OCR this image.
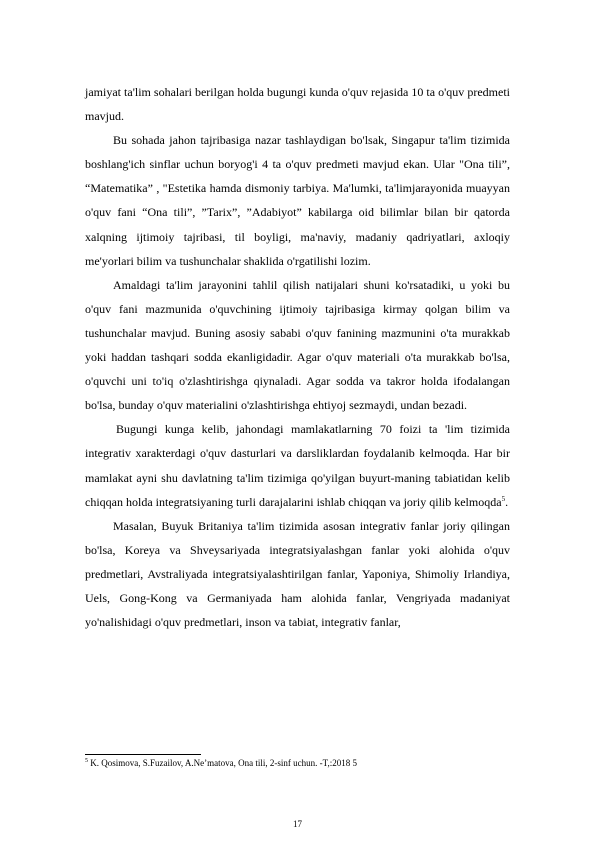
jamiyat ta'lim sohalari berilgan holda bugungi kunda o'quv rejasida 10 ta o'quv predmeti mavjud.

Bu sohada jahon tajribasiga nazar tashlaydigan bo'lsak, Singapur ta'lim tizimida boshlang'ich sinflar uchun boryog'i 4 ta o'quv predmeti mavjud ekan. Ular "Ona tili”, “Matematika” , "Estetika hamda dismoniy tarbiya. Ma'lumki, ta'limjarayonida muayyan o'quv fani “Ona tili”, ”Tarix”, ”Adabiyot” kabilarga oid bilimlar bilan bir qatorda xalqning ijtimoiy tajribasi, til boyligi, ma'naviy, madaniy qadriyatlari, axloqiy me'yorlari bilim va tushunchalar shaklida o'rgatilishi lozim.

Amaldagi ta'lim jarayonini tahlil qilish natijalari shuni ko'rsatadiki, u yoki bu o'quv fani mazmunida o'quvchining ijtimoiy tajribasiga kirmay qolgan bilim va tushunchalar mavjud. Buning asosiy sababi o'quv fanining mazmunini o'ta murakkab yoki haddan tashqari sodda ekanligidadir. Agar o'quv materiali o'ta murakkab bo'lsa, o'quvchi uni to'iq o'zlashtirishga qiynaladi. Agar sodda va takror holda ifodalangan bo'lsa, bunday o'quv materialini o'zlashtirishga ehtiyoj sezmaydi, undan bezadi.

Bugungi kunga kelib, jahondagi mamlakatlarning 70 foizi ta 'lim tizimida integrativ xarakterdagi o'quv dasturlari va darsliklardan foydalanib kelmoqda. Har bir mamlakat ayni shu davlatning ta'lim tizimiga qo'yilgan buyurt-maning tabiatidan kelib chiqqan holda integratsiyaning turli darajalarini ishlab chiqqan va joriy qilib kelmoqda$^5$.

Masalan, Buyuk Britaniya ta'lim tizimida asosan integrativ fanlar joriy qilingan bo'lsa, Koreya va Shveysariyada integratsiyalashgan fanlar yoki alohida o'quv predmetlari, Avstraliyada integratsiyalashtirilgan fanlar, Yaponiya, Shimoliy Irlandiya, Uels, Gong-Kong va Germaniyada ham alohida fanlar, Vengriyada madaniyat yo'nalishidagi o'quv predmetlari, inson va tabiat, integrativ fanlar,

$^5$ K. Qosimova, S.Fuzailov, A.Ne’matova, Ona tili, 2-sinf uchun. -T,:2018 5
17
